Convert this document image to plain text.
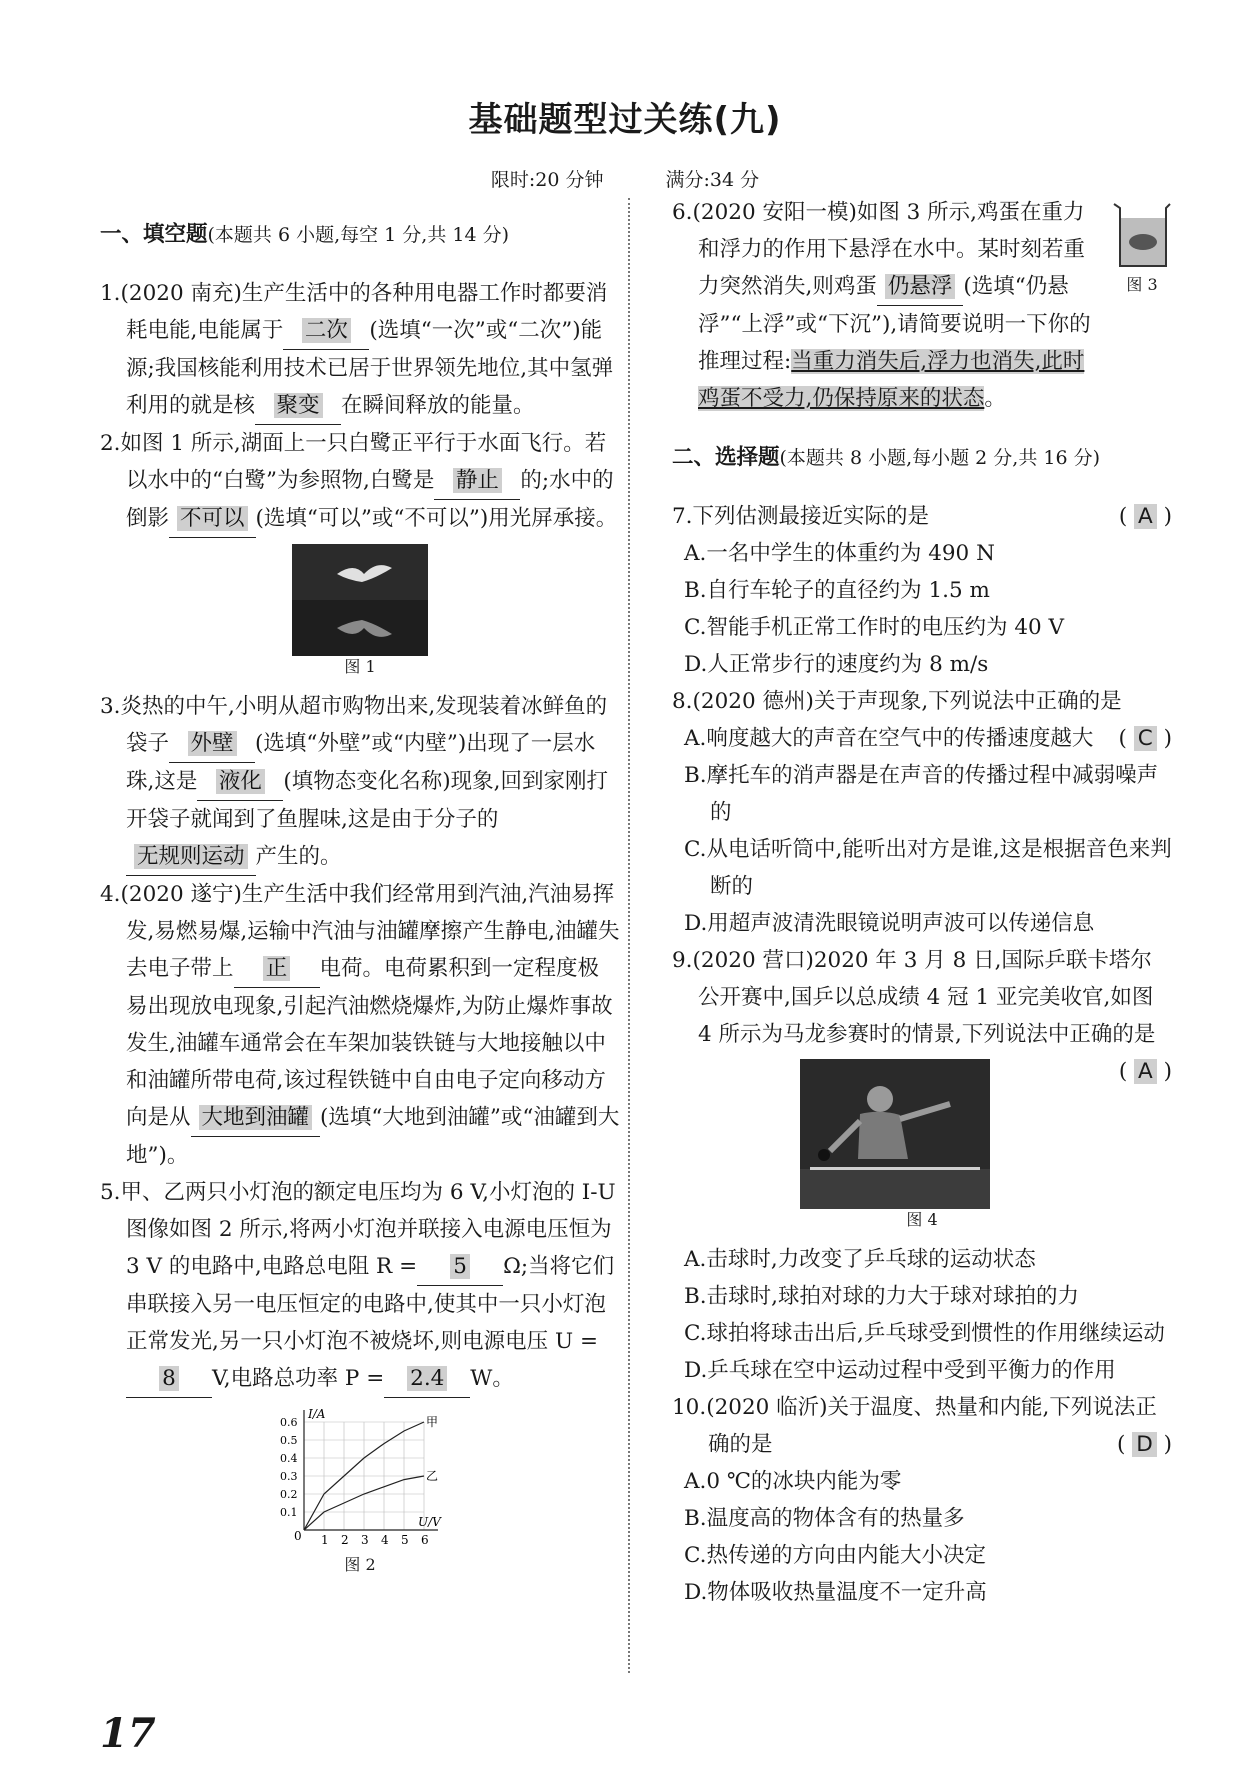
基础题型过关练(九)
限时:20 分钟	满分:34 分

一、填空题(本题共 6 小题,每空 1 分,共 14 分)

1.(2020 南充)生产生活中的各种用电器工作时都要消耗电能,电能属于 二次 (选填“一次”或“二次”)能源;我国核能利用技术已居于世界领先地位,其中氢弹利用的就是核 聚变 在瞬间释放的能量。

2.如图 1 所示,湖面上一只白鹭正平行于水面飞行。若以水中的“白鹭”为参照物,白鹭是 静止 的;水中的倒影 不可以 (选填“可以”或“不可以”)用光屏承接。

图 1

3.炎热的中午,小明从超市购物出来,发现装着冰鲜鱼的袋子 外壁 (选填“外壁”或“内壁”)出现了一层水珠,这是 液化 (填物态变化名称)现象,回到家刚打开袋子就闻到了鱼腥味,这是由于分子的无规则运动 产生的。

4.(2020 遂宁)生产生活中我们经常用到汽油,汽油易挥发,易燃易爆,运输中汽油与油罐摩擦产生静电,油罐失去电子带上 正 电荷。电荷累积到一定程度极易出现放电现象,引起汽油燃烧爆炸,为防止爆炸事故发生,油罐车通常会在车架加装铁链与大地接触以中和油罐所带电荷,该过程铁链中自由电子定向移动方向是从 大地到油罐 (选填“大地到油罐”或“油罐到大地”)。

5.甲、乙两只小灯泡的额定电压均为 6 V,小灯泡的 I-U 图像如图 2 所示,将两小灯泡并联接入电源电压恒为 3 V 的电路中,电路总电阻 R = 5 Ω;当将它们串联接入另一电压恒定的电路中,使其中一只小灯泡正常发光,另一只小灯泡不被烧坏,则电源电压 U =8 V,电路总功率 P = 2.4 W。

I/A
U/V
0 1 2 3 4 5 6
0.1
0.2
0.3
0.4
0.5
0.6	甲
乙
图 2

6.(2020 安阳一模)如图 3 所示,鸡蛋在重力和浮力的作用下悬浮在水中。某时刻若重力突然消失,则鸡蛋 仍悬浮 (选填“仍悬浮”“上浮”或“下沉”),请简要说明一下你的推理过程:当重力消失后,浮力也消失,此时鸡蛋不受力,仍保持原来的状态。

二、选择题(本题共 8 小题,每小题 2 分,共 16 分)

7.下列估测最接近实际的是	( A )

A.一名中学生的体重约为 490 N

B.自行车轮子的直径约为 1.5 m

C.智能手机正常工作时的电压约为 40 V

D.人正常步行的速度约为 8 m/s

8.(2020 德州)关于声现象,下列说法中正确的是
( C )

A.响度越大的声音在空气中的传播速度越大

B.摩托车的消声器是在声音的传播过程中减弱噪声的

C.从电话听筒中,能听出对方是谁,这是根据音色来判断的

D.用超声波清洗眼镜说明声波可以传递信息

9.(2020 营口)2020 年 3 月 8 日,国际乒联卡塔尔公开赛中,国乒以总成绩 4 冠 1 亚完美收官,如图 4 所示为马龙参赛时的情景,下列说法中正确的是
( A )

图 4

A.击球时,力改变了乒乓球的运动状态

B.击球时,球拍对球的力大于球对球拍的力

C.球拍将球击出后,乒乓球受到惯性的作用继续运动

D.乒乓球在空中运动过程中受到平衡力的作用

10.(2020 临沂)关于温度、热量和内能,下列说法正确的是	( D )

A.0 ℃的冰块内能为零

B.温度高的物体含有的热量多

C.热传递的方向由内能大小决定

D.物体吸收热量温度不一定升高

图 3
17
